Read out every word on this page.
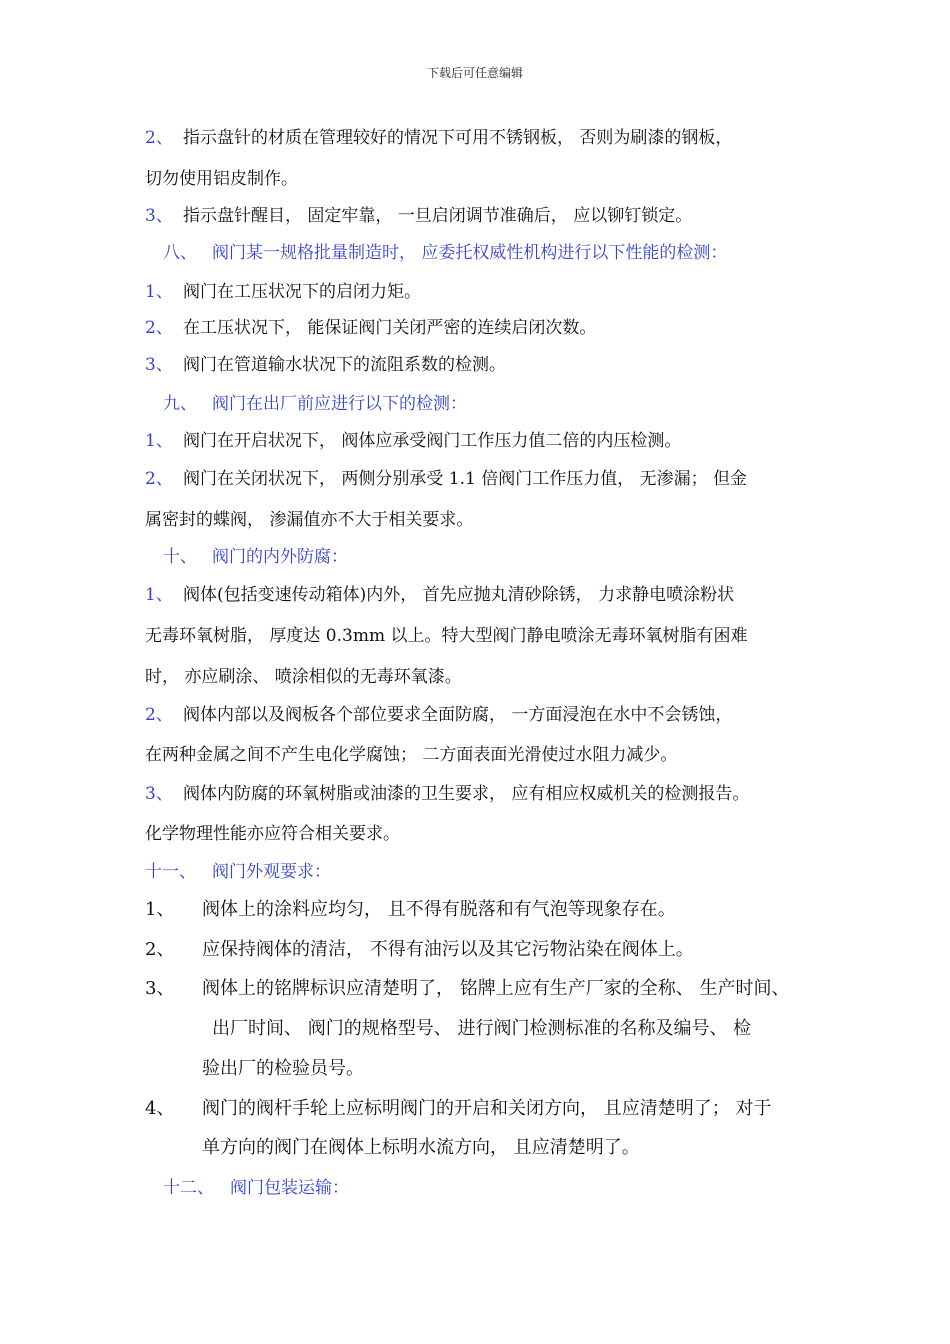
下载后可任意编辑
2、 指示盘针的材质在管理较好的情况下可用不锈钢板， 否则为刷漆的钢板，
切勿使用铝皮制作。
3、 指示盘针醒目， 固定牢靠， 一旦启闭调节准确后， 应以铆钉锁定。
八、 阀门某一规格批量制造时， 应委托权威性机构进行以下性能的检测：
1、 阀门在工压状况下的启闭力矩。
2、 在工压状况下， 能保证阀门关闭严密的连续启闭次数。
3、 阀门在管道输水状况下的流阻系数的检测。
九、 阀门在出厂前应进行以下的检测：
1、 阀门在开启状况下， 阀体应承受阀门工作压力值二倍的内压检测。
2、 阀门在关闭状况下， 两侧分别承受 1.1 倍阀门工作压力值， 无渗漏； 但金
属密封的蝶阀， 渗漏值亦不大于相关要求。
十、 阀门的内外防腐：
1、 阀体(包括变速传动箱体)内外， 首先应抛丸清砂除锈， 力求静电喷涂粉状
无毒环氧树脂， 厚度达 0.3mm 以上。特大型阀门静电喷涂无毒环氧树脂有困难
时， 亦应刷涂、 喷涂相似的无毒环氧漆。
2、 阀体内部以及阀板各个部位要求全面防腐， 一方面浸泡在水中不会锈蚀，
在两种金属之间不产生电化学腐蚀； 二方面表面光滑使过水阻力减少。
3、 阀体内防腐的环氧树脂或油漆的卫生要求， 应有相应权威机关的检测报告。
化学物理性能亦应符合相关要求。
十一、 阀门外观要求：
1、 阀体上的涂料应均匀， 且不得有脱落和有气泡等现象存在。
2、 应保持阀体的清洁， 不得有油污以及其它污物沾染在阀体上。
3、 阀体上的铭牌标识应清楚明了， 铭牌上应有生产厂家的全称、 生产时间、
出厂时间、 阀门的规格型号、 进行阀门检测标准的名称及编号、 检
验出厂的检验员号。
4、 阀门的阀杆手轮上应标明阀门的开启和关闭方向， 且应清楚明了； 对于
单方向的阀门在阀体上标明水流方向， 且应清楚明了。
十二、 阀门包装运输：
